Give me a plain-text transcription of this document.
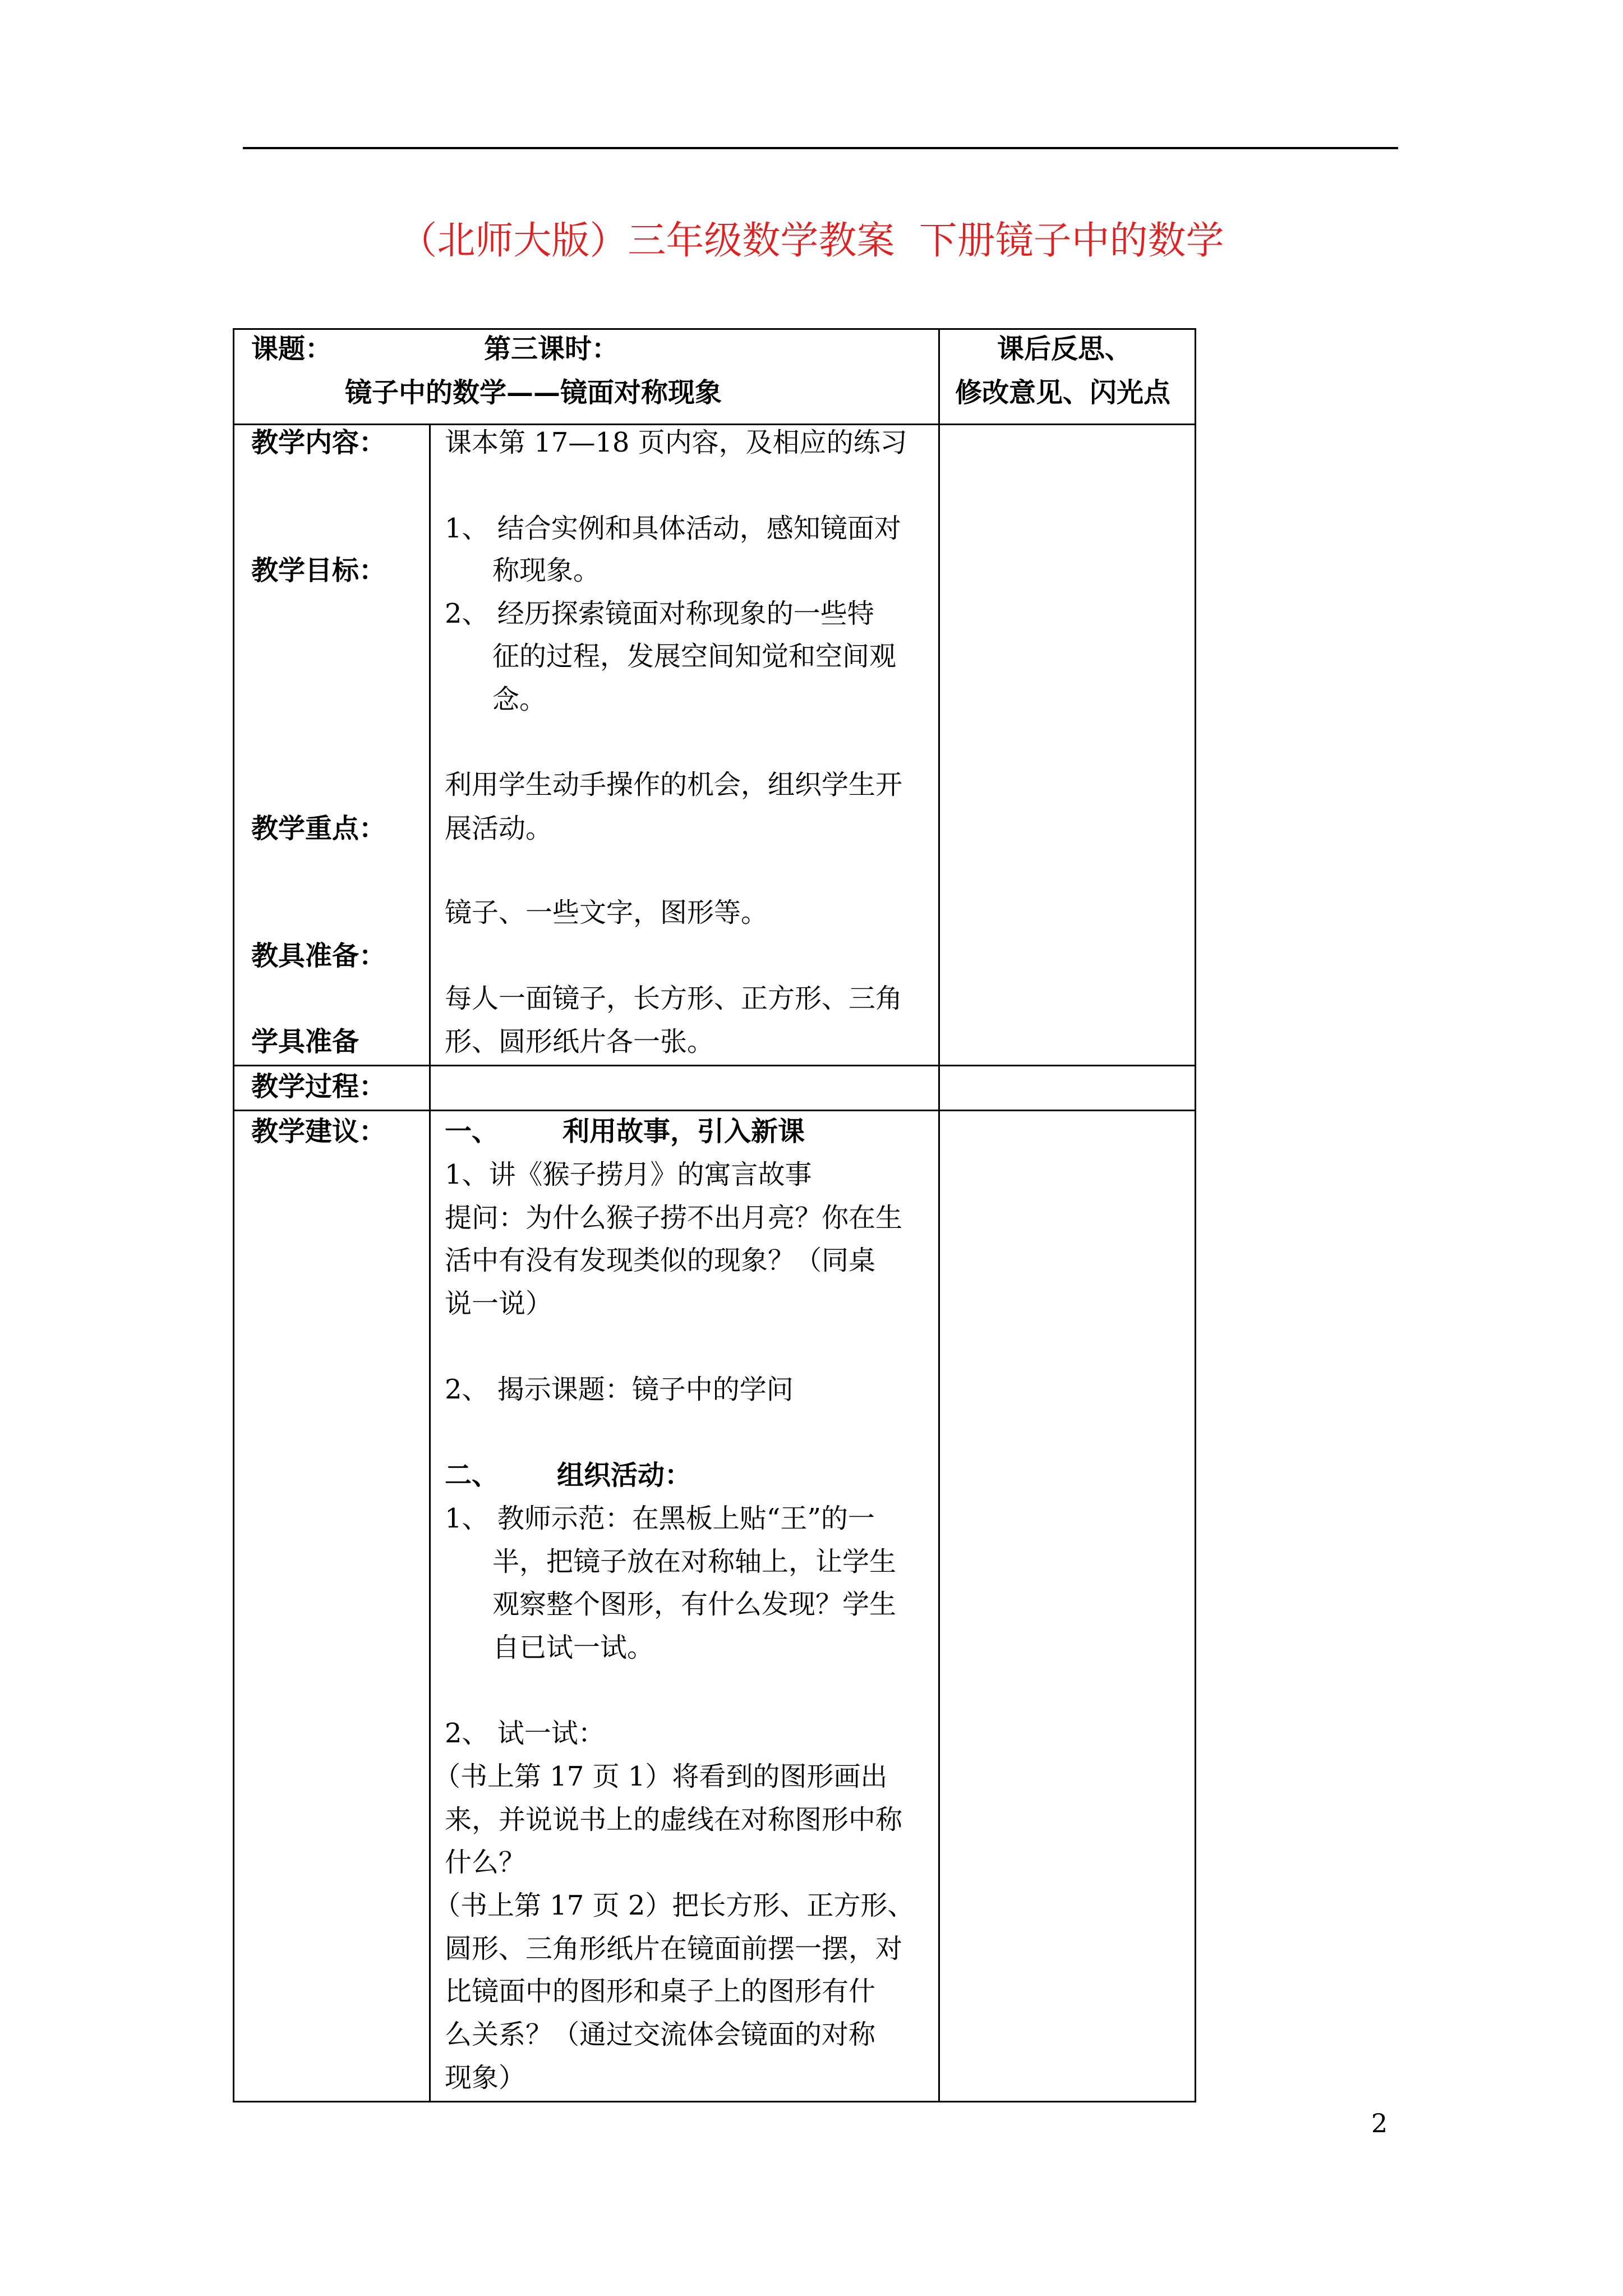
（北师大版）三年级数学教案  下册镜子中的数学
课题：	第三课时：
镜子中的数学——镜面对称现象
课后反思、
修改意见、闪光点
教学内容：
教学目标：
教学重点：
教具准备：
学具准备
教学过程：
教学建议：
课本第 17—18 页内容，及相应的练习
1、 结合实例和具体活动，感知镜面对
称现象。
2、 经历探索镜面对称现象的一些特
征的过程，发展空间知觉和空间观
念。
利用学生动手操作的机会，组织学生开
展活动。
镜子、一些文字，图形等。
每人一面镜子，长方形、正方形、三角
形、圆形纸片各一张。
一、 利用故事，引入新课
1、讲《猴子捞月》的寓言故事
提问：为什么猴子捞不出月亮？你在生
活中有没有发现类似的现象？（同桌
说一说）
2、 揭示课题：镜子中的学问
二、 组织活动：
1、 教师示范：在黑板上贴“王”的一
半，把镜子放在对称轴上，让学生
观察整个图形，有什么发现？学生
自已试一试。
2、 试一试：
（书上第 17 页 1）将看到的图形画出
来，并说说书上的虚线在对称图形中称
什么？
（书上第 17 页 2）把长方形、正方形、
圆形、三角形纸片在镜面前摆一摆，对
比镜面中的图形和桌子上的图形有什
么关系？（通过交流体会镜面的对称
现象）
2
